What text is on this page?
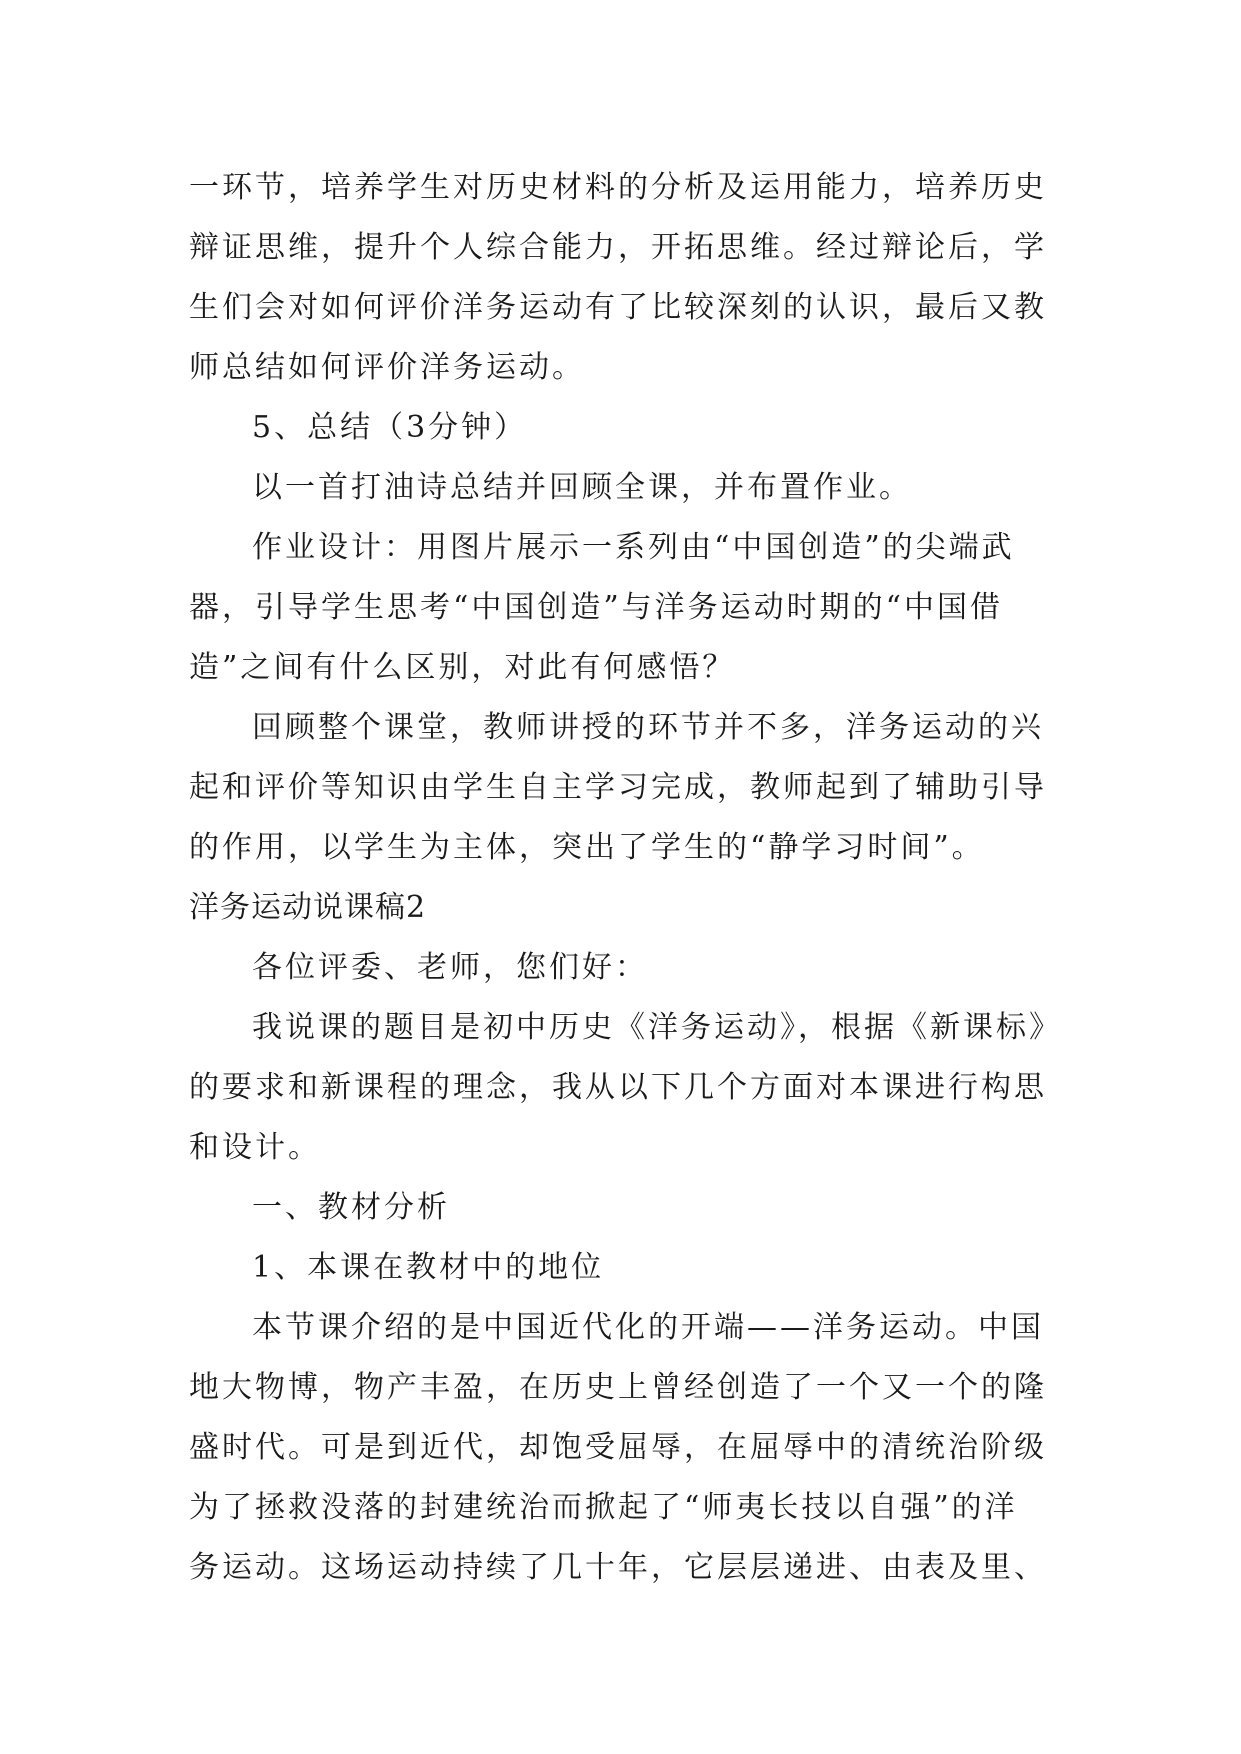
一环节，培养学生对历史材料的分析及运用能力，培养历史
辩证思维，提升个人综合能力，开拓思维。经过辩论后，学
生们会对如何评价洋务运动有了比较深刻的认识，最后又教
师总结如何评价洋务运动。
5、总结（3分钟）
以一首打油诗总结并回顾全课，并布置作业。
作业设计：用图片展示一系列由“中国创造”的尖端武
器，引导学生思考“中国创造”与洋务运动时期的“中国借
造”之间有什么区别，对此有何感悟？
回顾整个课堂，教师讲授的环节并不多，洋务运动的兴
起和评价等知识由学生自主学习完成，教师起到了辅助引导
的作用，以学生为主体，突出了学生的“静学习时间”。
洋务运动说课稿2
各位评委、老师，您们好：
我说课的题目是初中历史《洋务运动》，根据《新课标》
的要求和新课程的理念，我从以下几个方面对本课进行构思
和设计。
一、教材分析
1、本课在教材中的地位
本节课介绍的是中国近代化的开端——洋务运动。中国
地大物博，物产丰盈，在历史上曾经创造了一个又一个的隆
盛时代。可是到近代，却饱受屈辱，在屈辱中的清统治阶级
为了拯救没落的封建统治而掀起了“师夷长技以自强”的洋
务运动。这场运动持续了几十年，它层层递进、由表及里、
